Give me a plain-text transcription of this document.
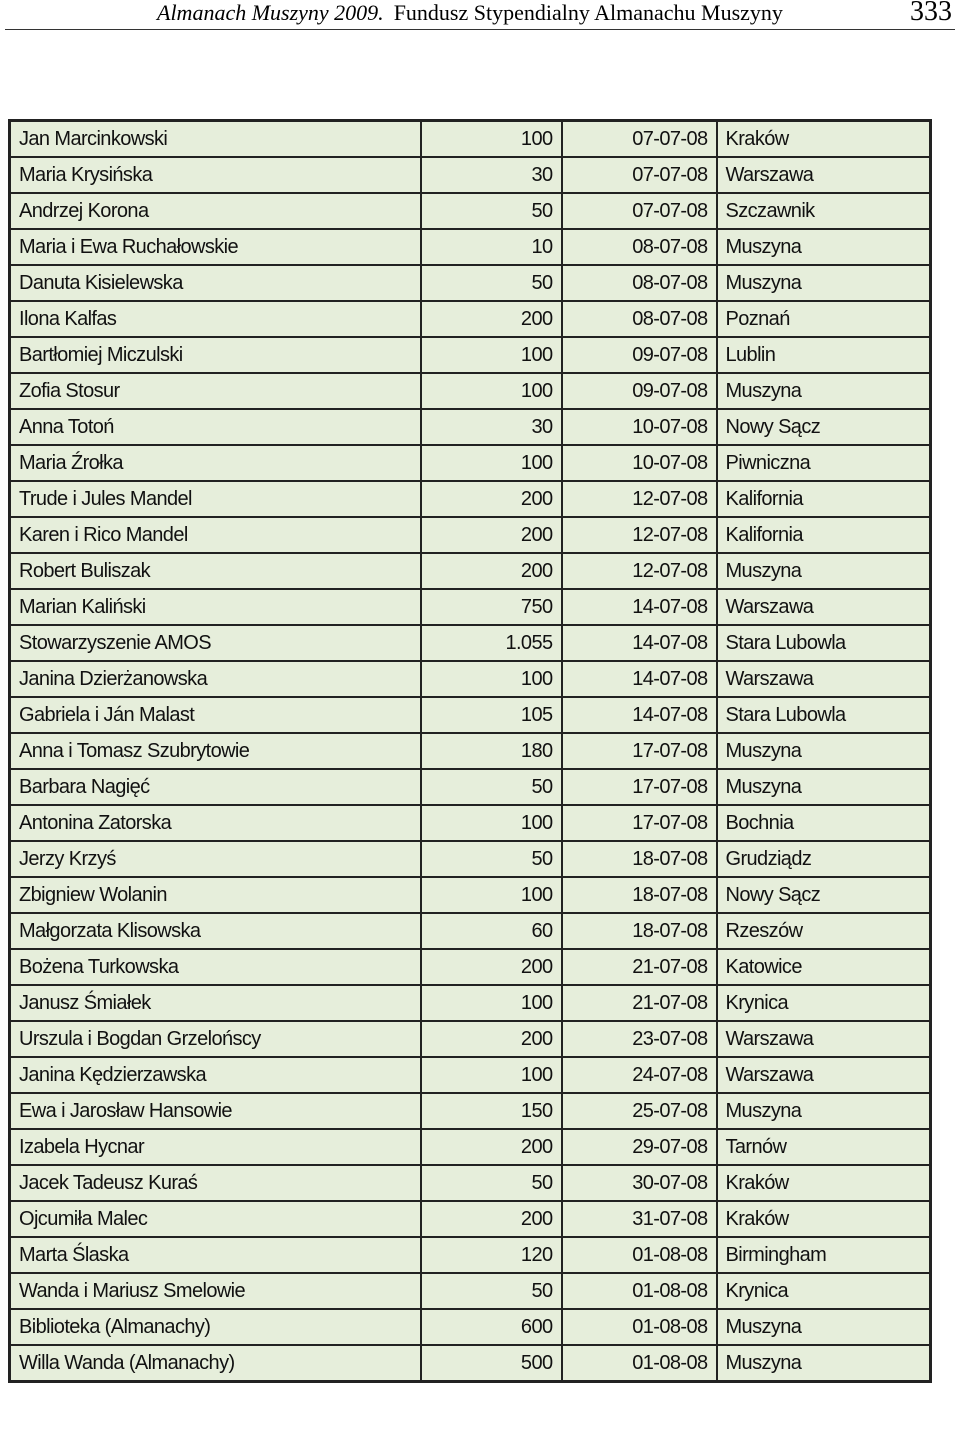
Almanach Muszyny 2009. Fundusz Stypendialny Almanachu Muszyny	333
Jan Marcinkowski	100	07-07-08	Kraków
Maria Krysińska	30	07-07-08	Warszawa
Andrzej Korona	50	07-07-08	Szczawnik
Maria i Ewa Ruchałowskie	10	08-07-08	Muszyna
Danuta Kisielewska	50	08-07-08	Muszyna
Ilona Kalfas	200	08-07-08	Poznań
Bartłomiej Miczulski	100	09-07-08	Lublin
Zofia Stosur	100	09-07-08	Muszyna
Anna Totoń	30	10-07-08	Nowy Sącz
Maria Źrołka	100	10-07-08	Piwniczna
Trude i Jules Mandel	200	12-07-08	Kalifornia
Karen i Rico Mandel	200	12-07-08	Kalifornia
Robert Buliszak	200	12-07-08	Muszyna
Marian Kaliński	750	14-07-08	Warszawa
Stowarzyszenie AMOS	1.055	14-07-08	Stara Lubowla
Janina Dzierżanowska	100	14-07-08	Warszawa
Gabriela i Ján Malast	105	14-07-08	Stara Lubowla
Anna i Tomasz Szubrytowie	180	17-07-08	Muszyna
Barbara Nagięć	50	17-07-08	Muszyna
Antonina Zatorska	100	17-07-08	Bochnia
Jerzy Krzyś	50	18-07-08	Grudziądz
Zbigniew Wolanin	100	18-07-08	Nowy Sącz
Małgorzata Klisowska	60	18-07-08	Rzeszów
Bożena Turkowska	200	21-07-08	Katowice
Janusz Śmiałek	100	21-07-08	Krynica
Urszula i Bogdan Grzelońscy	200	23-07-08	Warszawa
Janina Kędzierzawska	100	24-07-08	Warszawa
Ewa i Jarosław Hansowie	150	25-07-08	Muszyna
Izabela Hycnar	200	29-07-08	Tarnów
Jacek Tadeusz Kuraś	50	30-07-08	Kraków
Ojcumiła Malec	200	31-07-08	Kraków
Marta Ślaska	120	01-08-08	Birmingham
Wanda i Mariusz Smelowie	50	01-08-08	Krynica
Biblioteka (Almanachy)	600	01-08-08	Muszyna
Willa Wanda (Almanachy)	500	01-08-08	Muszyna
